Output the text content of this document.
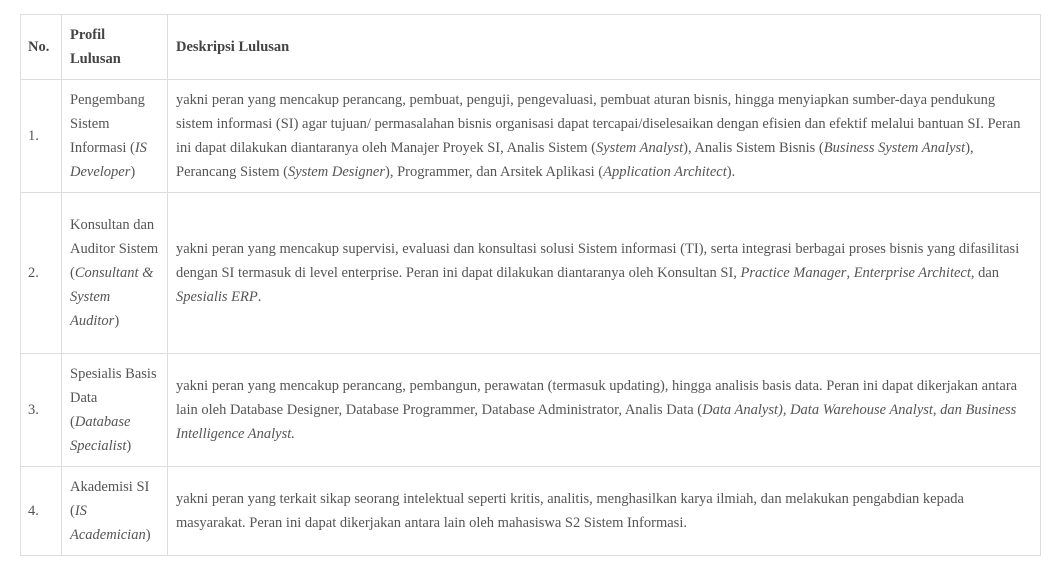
No.	Profil Lulusan	Deskripsi Lulusan
1.	Pengembang Sistem Informasi (IS Developer)	yakni peran yang mencakup perancang, pembuat, penguji, pengevaluasi, pembuat aturan bisnis, hingga menyiapkan sumber-daya pendukung sistem informasi (SI) agar tujuan/ permasalahan bisnis organisasi dapat tercapai/diselesaikan dengan efisien dan efektif melalui bantuan SI. Peran ini dapat dilakukan diantaranya oleh Manajer Proyek SI, Analis Sistem (System Analyst), Analis Sistem Bisnis (Business System Analyst), Perancang Sistem (System Designer), Programmer, dan Arsitek Aplikasi (Application Architect).
2.	Konsultan dan Auditor Sistem (Consultant & System Auditor)	yakni peran yang mencakup supervisi, evaluasi dan konsultasi solusi Sistem informasi (TI), serta integrasi berbagai proses bisnis yang difasilitasi dengan SI termasuk di level enterprise. Peran ini dapat dilakukan diantaranya oleh Konsultan SI, Practice Manager, Enterprise Architect, dan Spesialis ERP.
3.	Spesialis Basis Data (Database Specialist)	yakni peran yang mencakup perancang, pembangun, perawatan (termasuk updating), hingga analisis basis data. Peran ini dapat dikerjakan antara lain oleh Database Designer, Database Programmer, Database Administrator, Analis Data (Data Analyst), Data Warehouse Analyst, dan Business Intelligence Analyst.
4.	Akademisi SI (IS Academician)	yakni peran yang terkait sikap seorang intelektual seperti kritis, analitis, menghasilkan karya ilmiah, dan melakukan pengabdian kepada masyarakat. Peran ini dapat dikerjakan antara lain oleh mahasiswa S2 Sistem Informasi.
